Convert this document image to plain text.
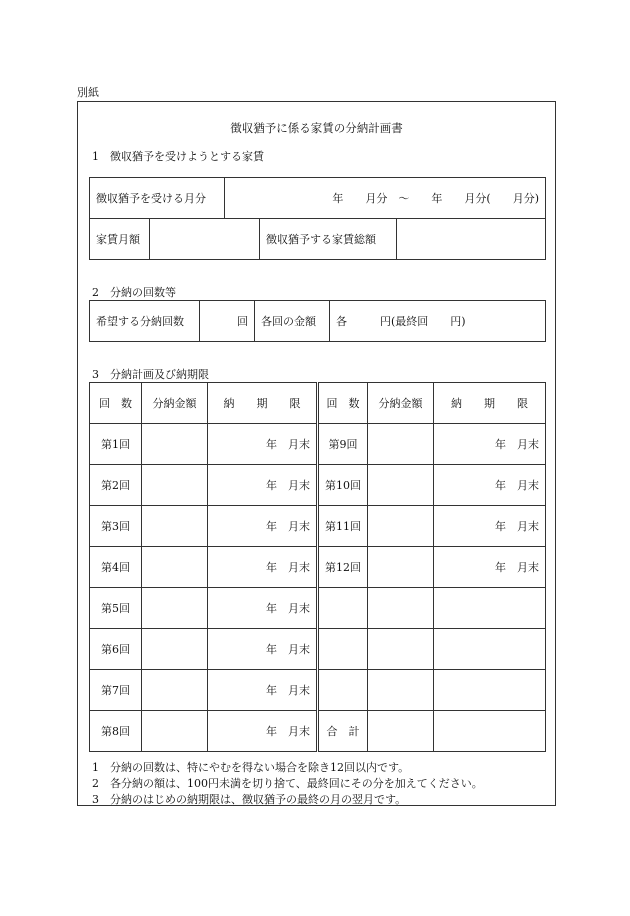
別紙
徴収猶予に係る家賃の分納計画書
1　徴収猶予を受けようとする家賃
徴収猶予を受ける月分	年　　月分　～　　年　　月分(　　月分)
家賃月額		徴収猶予する家賃総額	
2　分納の回数等
希望する分納回数	回	各回の金額	各　　　円(最終回　　円)
3　分納計画及び納期限
回　数	分納金額	納　　期　　限	回　数	分納金額	納　　期　　限
第1回		年　月末	第9回		年　月末
第2回		年　月末	第10回		年　月末
第3回		年　月末	第11回		年　月末
第4回		年　月末	第12回		年　月末
第5回		年　月末			
第6回		年　月末			
第7回		年　月末			
第8回		年　月末	合　計		
1　分納の回数は、特にやむを得ない場合を除き12回以内です。
2　各分納の額は、100円未満を切り捨て、最終回にその分を加えてください。
3　分納のはじめの納期限は、徴収猶予の最終の月の翌月です。
